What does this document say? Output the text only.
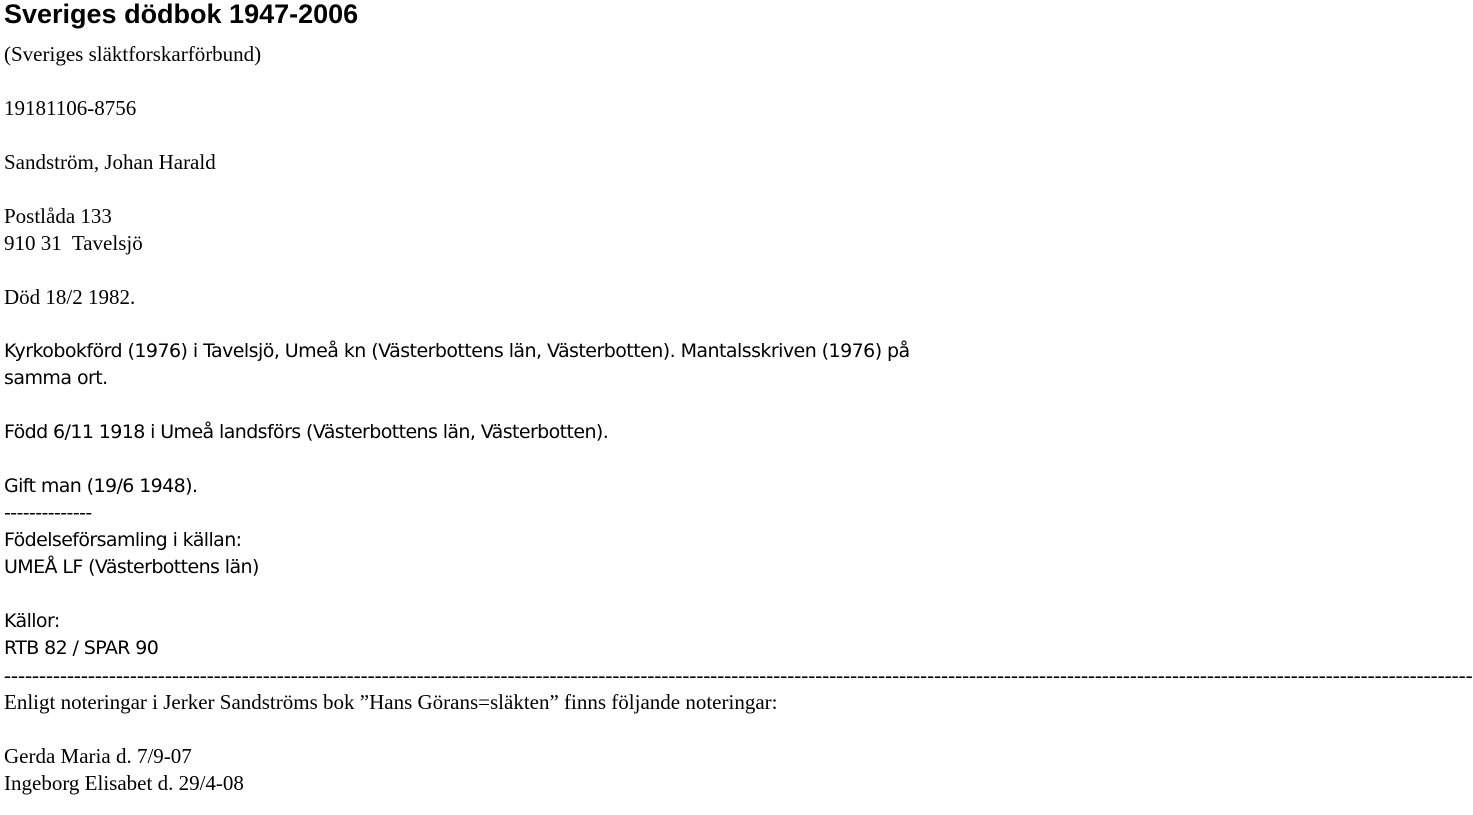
Sveriges dödbok 1947-2006
(Sveriges släktforskarförbund)
19181106-8756
Sandström, Johan Harald
Postlåda 133
910 31  Tavelsjö
Död 18/2 1982.
Kyrkobokförd (1976) i Tavelsjö, Umeå kn (Västerbottens län, Västerbotten). Mantalsskriven (1976) på samma ort.
Född 6/11 1918 i Umeå landsförs (Västerbottens län, Västerbotten).
Gift man (19/6 1948).
--------------
Födelseförsamling i källan:
UMEÅ LF (Västerbottens län)
Källor:
RTB 82 / SPAR 90
------------------------------------------------------------------------------------------------------------------------------------------------------------------------------------------------------------------
Enligt noteringar i Jerker Sandströms bok ”Hans Görans=släkten” finns följande noteringar:
Gerda Maria d. 7/9-07
Ingeborg Elisabet d. 29/4-08
